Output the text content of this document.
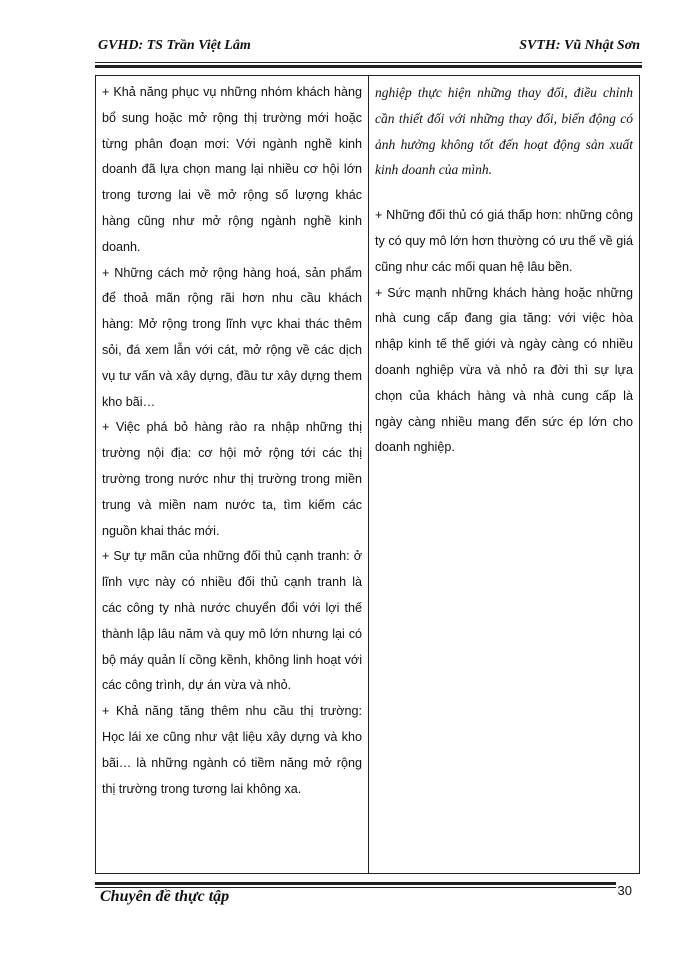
GVHD: TS Trần Việt Lâm	SVTH: Vũ Nhật Sơn

+ Khả năng phục vụ những nhóm khách hàng bổ sung hoặc mở rộng thị trường mới hoặc từng phân đoạn mơi: Với ngành nghề kinh doanh đã lựa chọn mang lại nhiều cơ hội lớn trong tương lai về mở rộng số lượng khác hàng cũng như mở rộng ngành nghề kinh doanh.

+ Những cách mở rộng hàng hoá, sản phẩm để thoả mãn rộng rãi hơn nhu cầu khách hàng: Mở rộng trong lĩnh vực khai thác thêm sỏi, đá xem lẫn với cát, mở rộng về các dịch vụ tư vấn và xây dựng, đầu tư xây dựng them kho bãi…

+ Việc phá bỏ hàng rào ra nhập những thị trường nội địa: cơ hội mở rộng tới các thị trường trong nước như thị trường trong miền trung và miền nam nước ta, tìm kiếm các nguồn khai thác mới.

+ Sự tự mãn của những đối thủ cạnh tranh: ở lĩnh vực này có nhiều đối thủ cạnh tranh là các công ty nhà nước chuyển đổi với lợi thế thành lập lâu năm và quy mô lớn nhưng lại có bộ máy quản lí cồng kềnh, không linh hoạt với các công trình, dự án vừa và nhỏ.

+ Khả năng tăng thêm nhu cầu thị trường: Học lái xe cũng như vật liệu xây dựng và kho bãi… là những ngành có tiềm năng mở rộng thị trường trong tương lai không xa.

nghiệp thực hiện những thay đổi, điều chỉnh cần thiết đối với những thay đổi, biến động có ảnh hưởng không tốt đến hoạt động sản xuất kinh doanh của mình.

+ Những đối thủ có giá thấp hơn: những công ty có quy mô lớn hơn thường có ưu thế về giá cũng như các mối quan hệ lâu bền.

+ Sức mạnh những khách hàng hoặc những nhà cung cấp đang gia tăng: với việc hòa nhập kinh tế thế giới và ngày càng có nhiều doanh nghiệp vừa và nhỏ ra đời thì sự lựa chọn của khách hàng và nhà cung cấp là ngày càng nhiều mang đến sức ép lớn cho doanh nghiệp.

Chuyên đề thực tập	30
